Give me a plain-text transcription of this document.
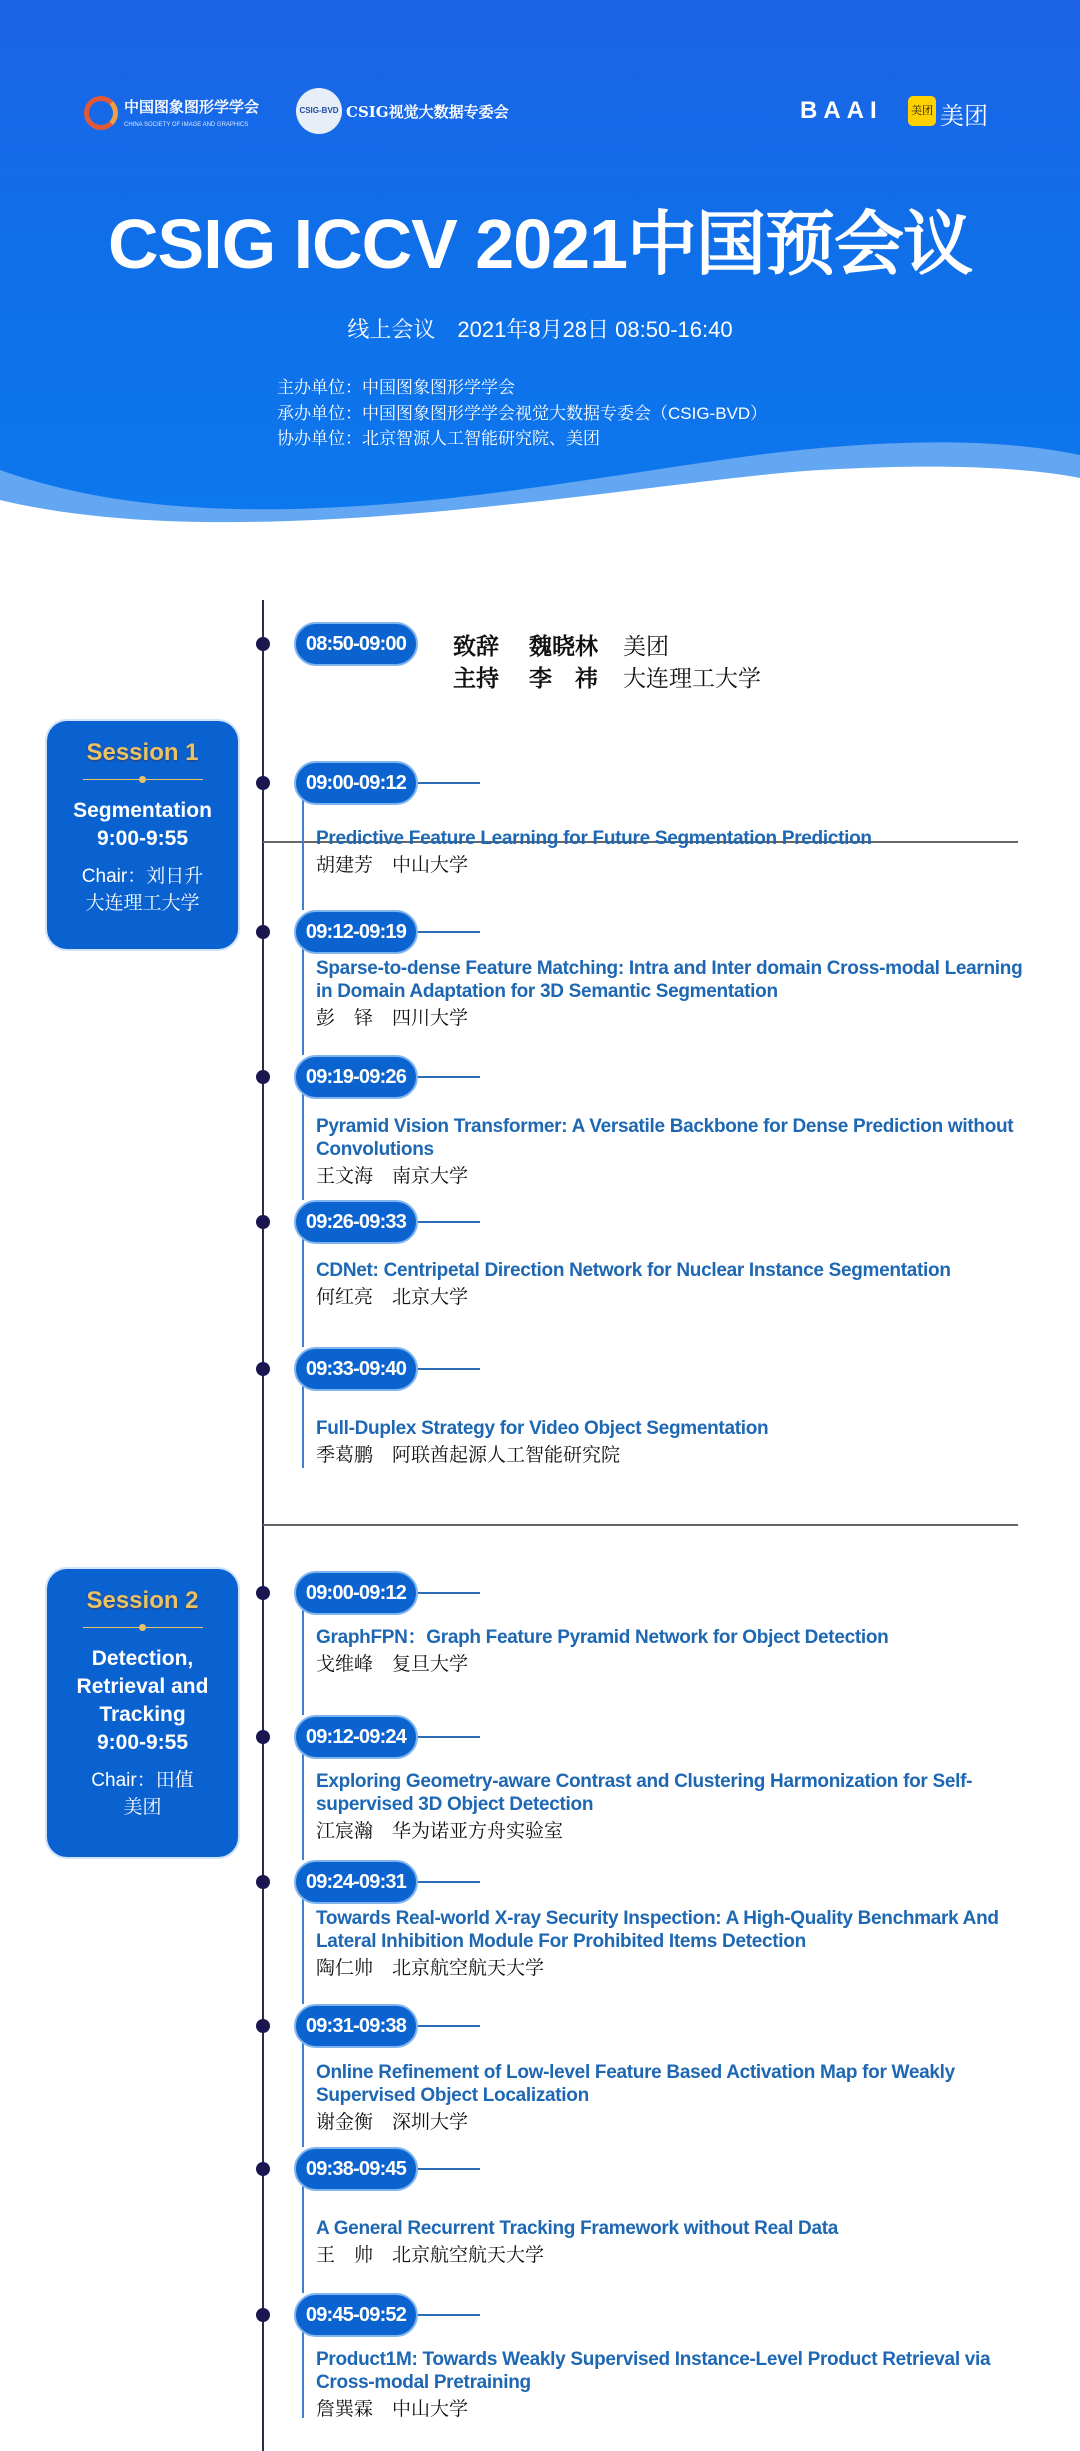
中国图象图形学学会
CHINA SOCIETY OF IMAGE AND GRAPHICS
CSIG-BVD CSIG视觉大数据专委会	BAAI	美团 美团
CSIG ICCV 2021中国预会议
线上会议　2021年8月28日 08:50-16:40
主办单位：中国图象图形学学会
承办单位：中国图象图形学学会视觉大数据专委会（CSIG-BVD）
协办单位：北京智源人工智能研究院、美团
08:50-09:00	致辞 魏晓林 美团
主持 李　祎 大连理工大学
Session 1
Segmentation
9:00-9:55
Chair：刘日升
大连理工大学
Session 2
Detection, Retrieval and Tracking
9:00-9:55
Chair：田值
美团
09:00-09:12
Predictive Feature Learning for Future Segmentation Prediction
胡建芳　中山大学
09:12-09:19
Sparse-to-dense Feature Matching: Intra and Inter domain Cross-modal Learning in Domain Adaptation for 3D Semantic Segmentation
彭　铎　四川大学
09:19-09:26
Pyramid Vision Transformer: A Versatile Backbone for Dense Prediction without Convolutions
王文海　南京大学
09:26-09:33
CDNet: Centripetal Direction Network for Nuclear Instance Segmentation
何红亮　北京大学
09:33-09:40
Full-Duplex Strategy for Video Object Segmentation
季葛鹏　阿联酋起源人工智能研究院
09:00-09:12
GraphFPN：Graph Feature Pyramid Network for Object Detection
戈维峰　复旦大学
09:12-09:24
Exploring Geometry-aware Contrast and Clustering Harmonization for Self-supervised 3D Object Detection
江宸瀚　华为诺亚方舟实验室
09:24-09:31
Towards Real-world X-ray Security Inspection: A High-Quality Benchmark And Lateral Inhibition Module For Prohibited Items Detection
陶仁帅　北京航空航天大学
09:31-09:38
Online Refinement of Low-level Feature Based Activation Map for Weakly Supervised Object Localization
谢金衡　深圳大学
09:38-09:45
A General Recurrent Tracking Framework without Real Data
王　帅　北京航空航天大学
09:45-09:52
Product1M: Towards Weakly Supervised Instance-Level Product Retrieval via Cross-modal Pretraining
詹巽霖　中山大学
